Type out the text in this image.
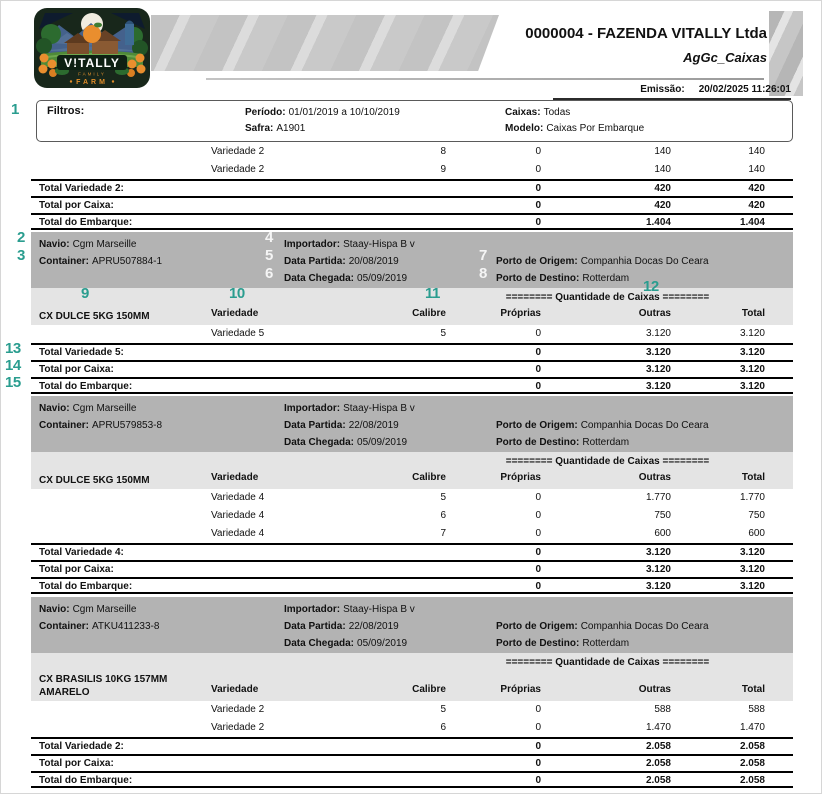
V!TALLY
FAMILY
FARM
0000004 - FAZENDA VITALLY Ltda
AgGc_Caixas
Emissão: 20/02/2025 11:26:01
Filtros:	Período: 01/01/2019 a 10/10/2019
Safra: A1901
Caixas: Todas
Modelo: Caixas Por Embarque
Variedade 2	8	0	140	140
Variedade 2	9	0	140	140
Total Variedade 2:	0	420	420
Total por Caixa:	0	420	420
Total do Embarque:	0	1.404	1.404
Navio: Cgm Marseille
Container: APRU507884-1
Importador: Staay-Hispa B v
Data Partida: 20/08/2019
Data Chegada: 05/09/2019
Porto de Origem: Companhia Docas Do Ceara
Porto de Destino: Rotterdam
======== Quantidade de Caixas ========
CX DULCE 5KG 150MM	Variedade	Calibre	Próprias	Outras	Total
Variedade 5	5	0	3.120	3.120
Total Variedade 5:	0	3.120	3.120
Total por Caixa:	0	3.120	3.120
Total do Embarque:	0	3.120	3.120
Navio: Cgm Marseille
Container: APRU579853-8
Importador: Staay-Hispa B v
Data Partida: 22/08/2019
Data Chegada: 05/09/2019
Porto de Origem: Companhia Docas Do Ceara
Porto de Destino: Rotterdam
======== Quantidade de Caixas ========
CX DULCE 5KG 150MM	Variedade	Calibre	Próprias	Outras	Total
Variedade 4	5	0	1.770	1.770
Variedade 4	6	0	750	750
Variedade 4	7	0	600	600
Total Variedade 4:	0	3.120	3.120
Total por Caixa:	0	3.120	3.120
Total do Embarque:	0	3.120	3.120
Navio: Cgm Marseille
Container: ATKU411233-8
Importador: Staay-Hispa B v
Data Partida: 22/08/2019
Data Chegada: 05/09/2019
Porto de Origem: Companhia Docas Do Ceara
Porto de Destino: Rotterdam
======== Quantidade de Caixas ========
CX BRASILIS 10KG 157MM
AMARELO	Variedade	Calibre	Próprias	Outras	Total
Variedade 2	5	0	588	588
Variedade 2	6	0	1.470	1.470
Total Variedade 2:	0	2.058	2.058
Total por Caixa:	0	2.058	2.058
Total do Embarque:	0	2.058	2.058
1
2
3
4
5
6
7
8
9	10	11	12
13
14
15
